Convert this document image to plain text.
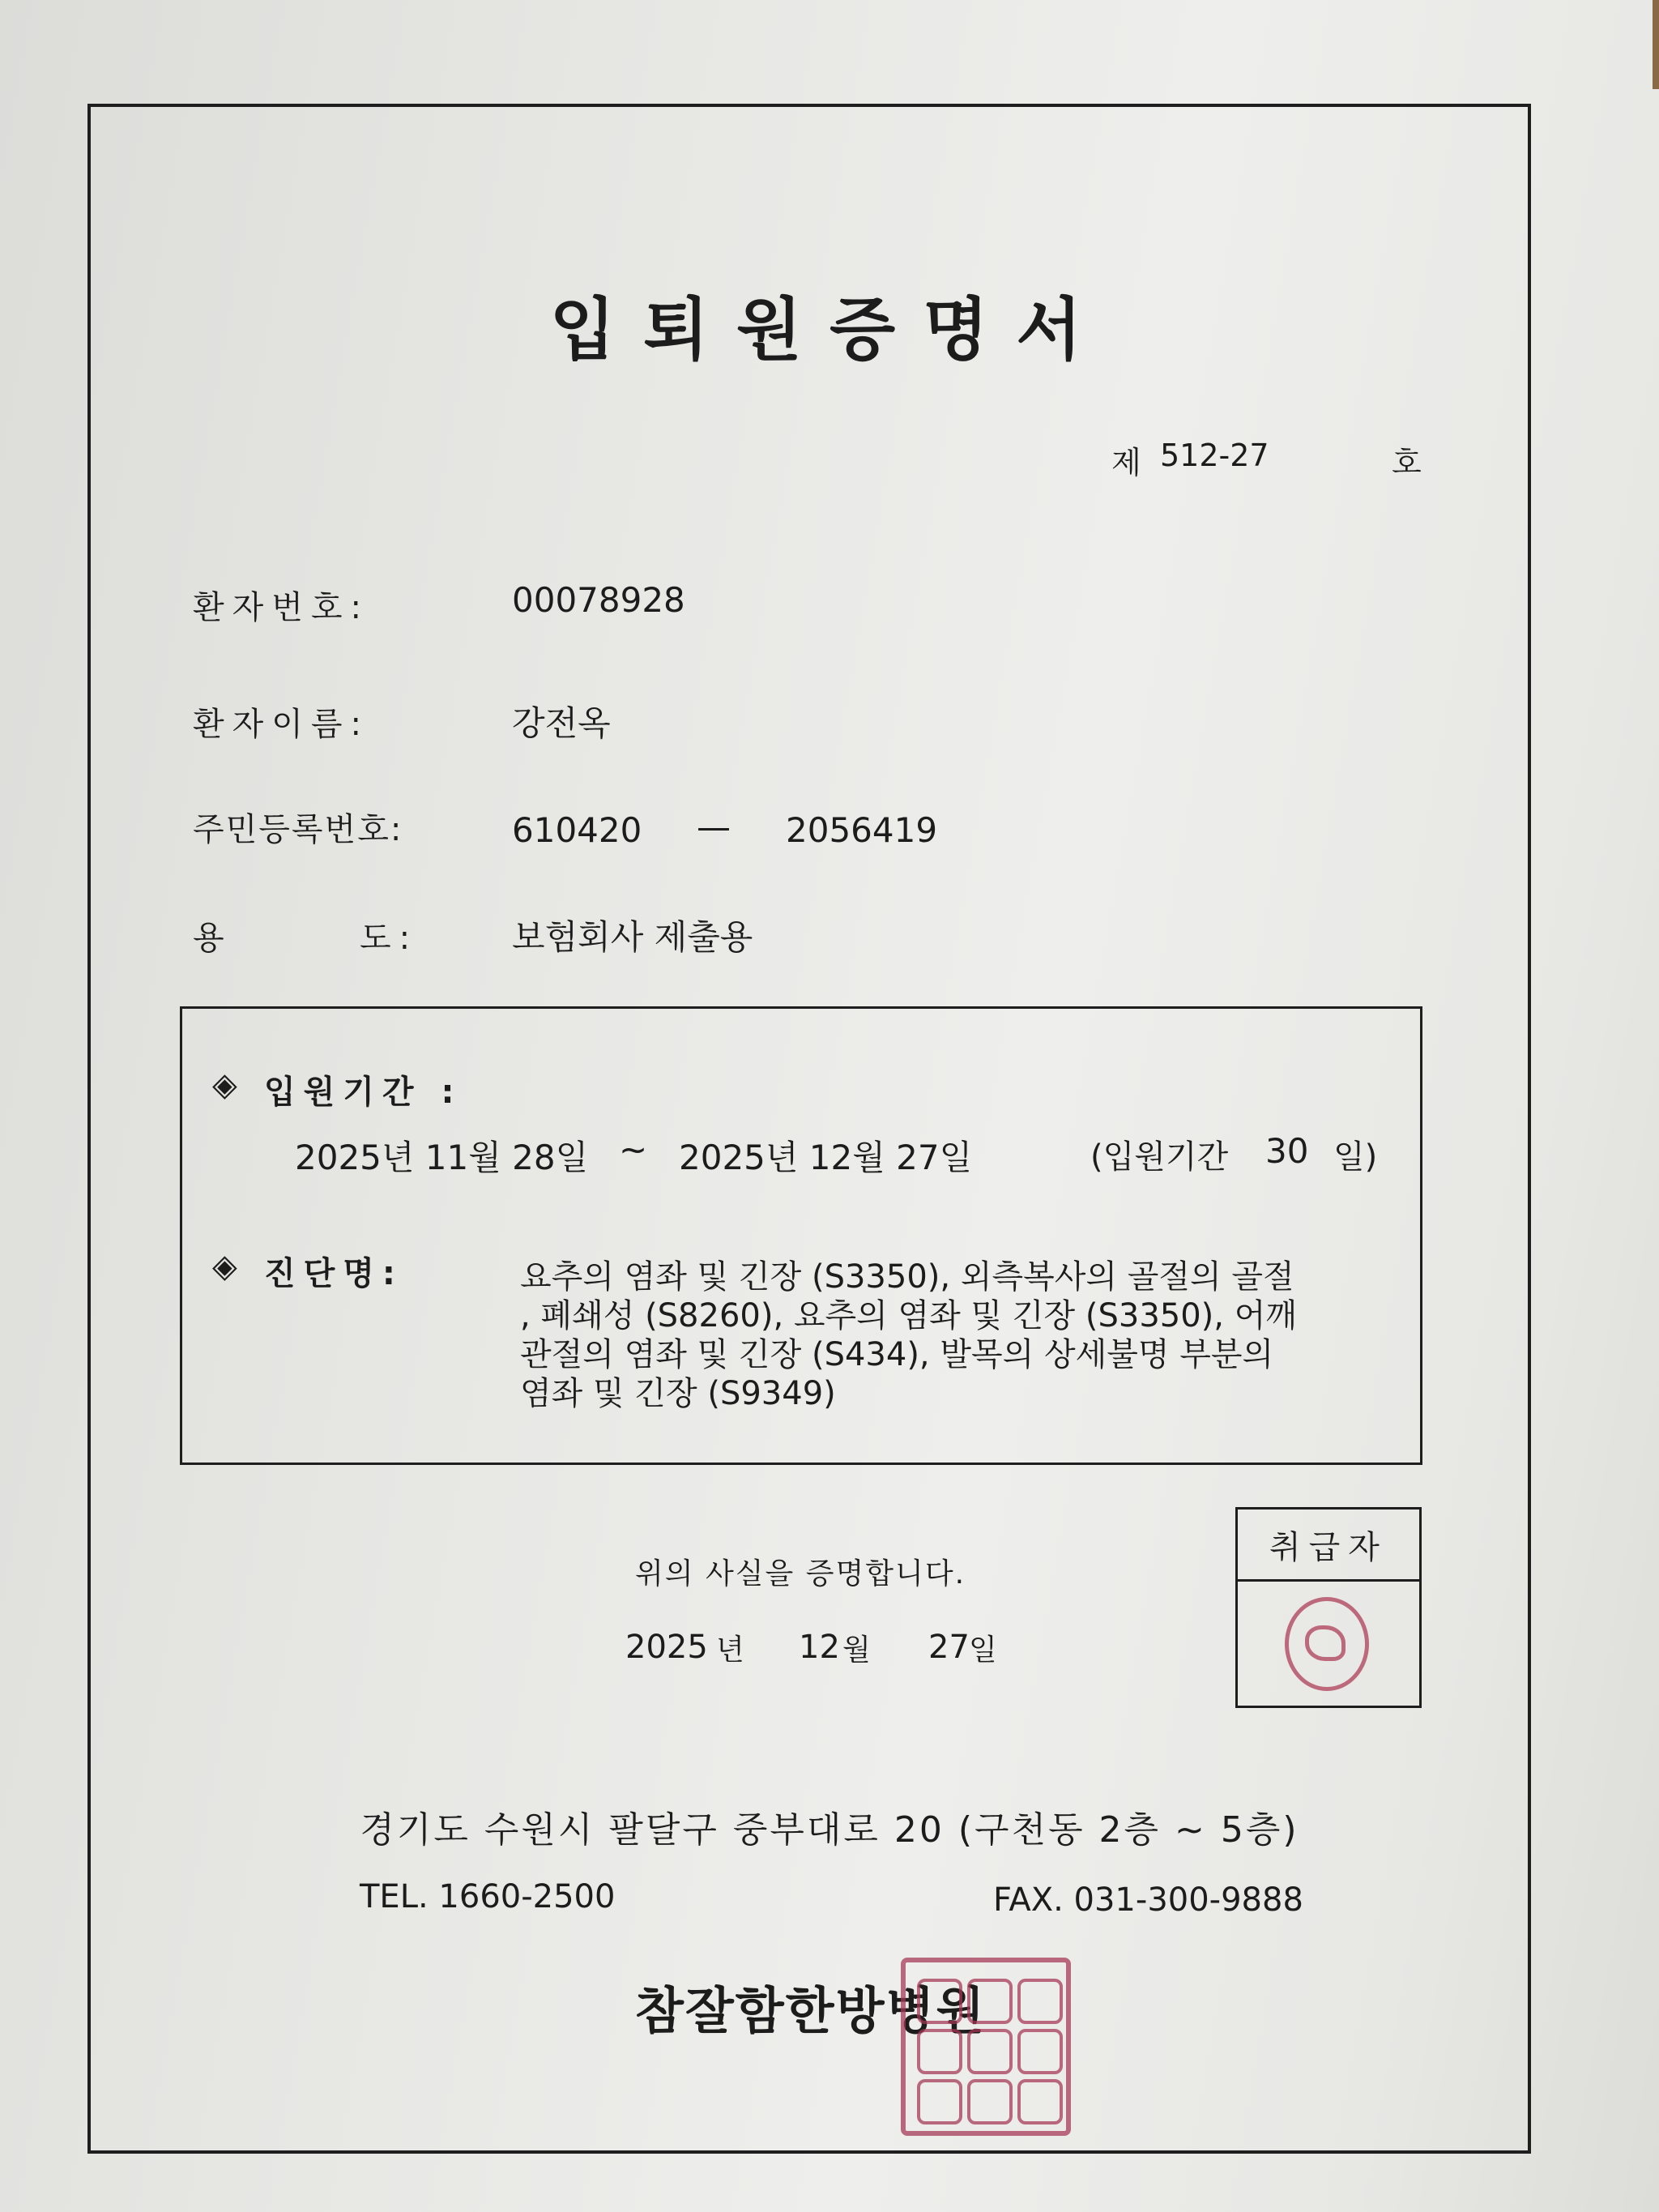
입퇴원증명서
제 512-27	호
환자번호:	00078928
환자이름:	강전옥
주민등록번호:	610420 — 2056419
용	도:	보험회사 제출용
◈ 입원기간 :
2025년 11월 28일 ~ 2025년 12월 27일	(입원기간 30 일)
◈ 진단명:	요추의 염좌 및 긴장 (S3350), 외측복사의 골절의 골절
, 폐쇄성 (S8260), 요추의 염좌 및 긴장 (S3350), 어깨
관절의 염좌 및 긴장 (S434), 발목의 상세불명 부분의
염좌 및 긴장 (S9349)
취급자
위의 사실을 증명합니다.
2025 년 12 월 27 일
경기도 수원시 팔달구 중부대로 20 (구천동 2층 ~ 5층)
TEL. 1660-2500	FAX. 031-300-9888
참잘함한방병원
